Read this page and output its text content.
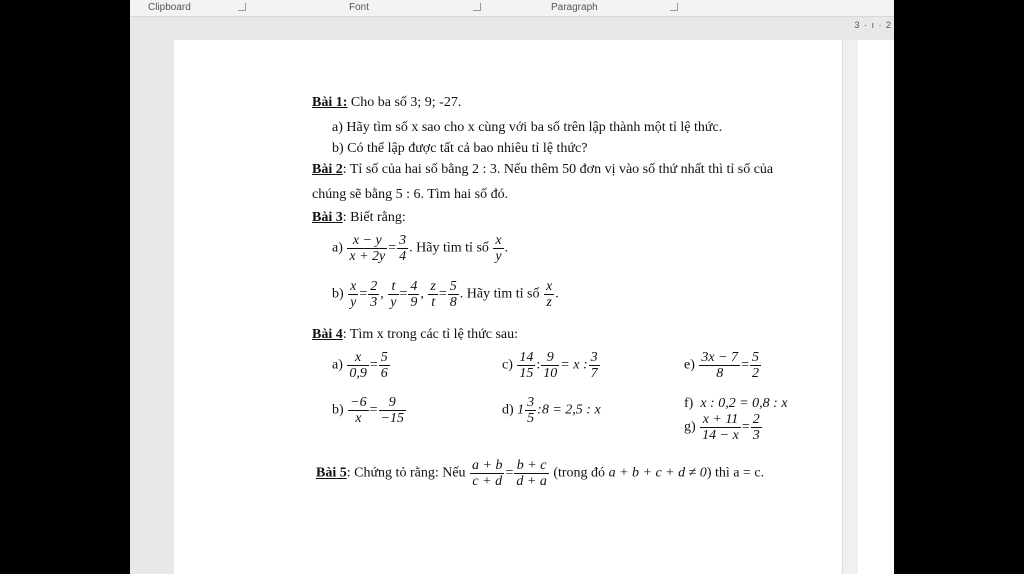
Clipboard	Font	Paragraph
3 · ı · 2
Bài 1: Cho ba số 3; 9; -27.
a) Hãy tìm số x sao cho x cùng với ba số trên lập thành một tỉ lệ thức.
b) Có thể lập được tất cả bao nhiêu tỉ lệ thức?
Bài 2: Tỉ số của hai số bằng 2 : 3. Nếu thêm 50 đơn vị vào số thứ nhất thì tỉ số của
chúng sẽ bằng 5 : 6. Tìm hai số đó.
Bài 3: Biết rằng:
$a) \frac{x - y}{x + 2y} = \frac{3}{4}$ . Hãy tìm tỉ số $\frac{x}{y}$ .
$b) \frac{x}{y} = \frac{2}{3}$ , $\frac{t}{y} = \frac{4}{9}$ , $\frac{z}{t} = \frac{5}{8}$ . Hãy tìm tỉ số $\frac{x}{z}$ .
Bài 4: Tìm x trong các tỉ lệ thức sau:
$a) \frac{x}{0,9} = \frac{5}{6}$
$b) \frac{-6}{x} = \frac{9}{-15}$
$c) \frac{14}{15}$ : $\frac{9}{10} = x$ : $\frac{3}{7}$
d) $1 \frac{3}{5}$ :8 = 2,5 : x
$e) \frac{3x - 7}{8} = \frac{5}{2}$
f) x : 0,2 = 0,8 : x
$g) \frac{x + 11}{14 - x} = \frac{2}{3}$
Bài 5: Chứng tỏ rằng: Nếu $\frac{a + b}{c + d} = \frac{b + c}{d + a}$ (trong đó a + b + c + d ≠ 0) thì a = c.
